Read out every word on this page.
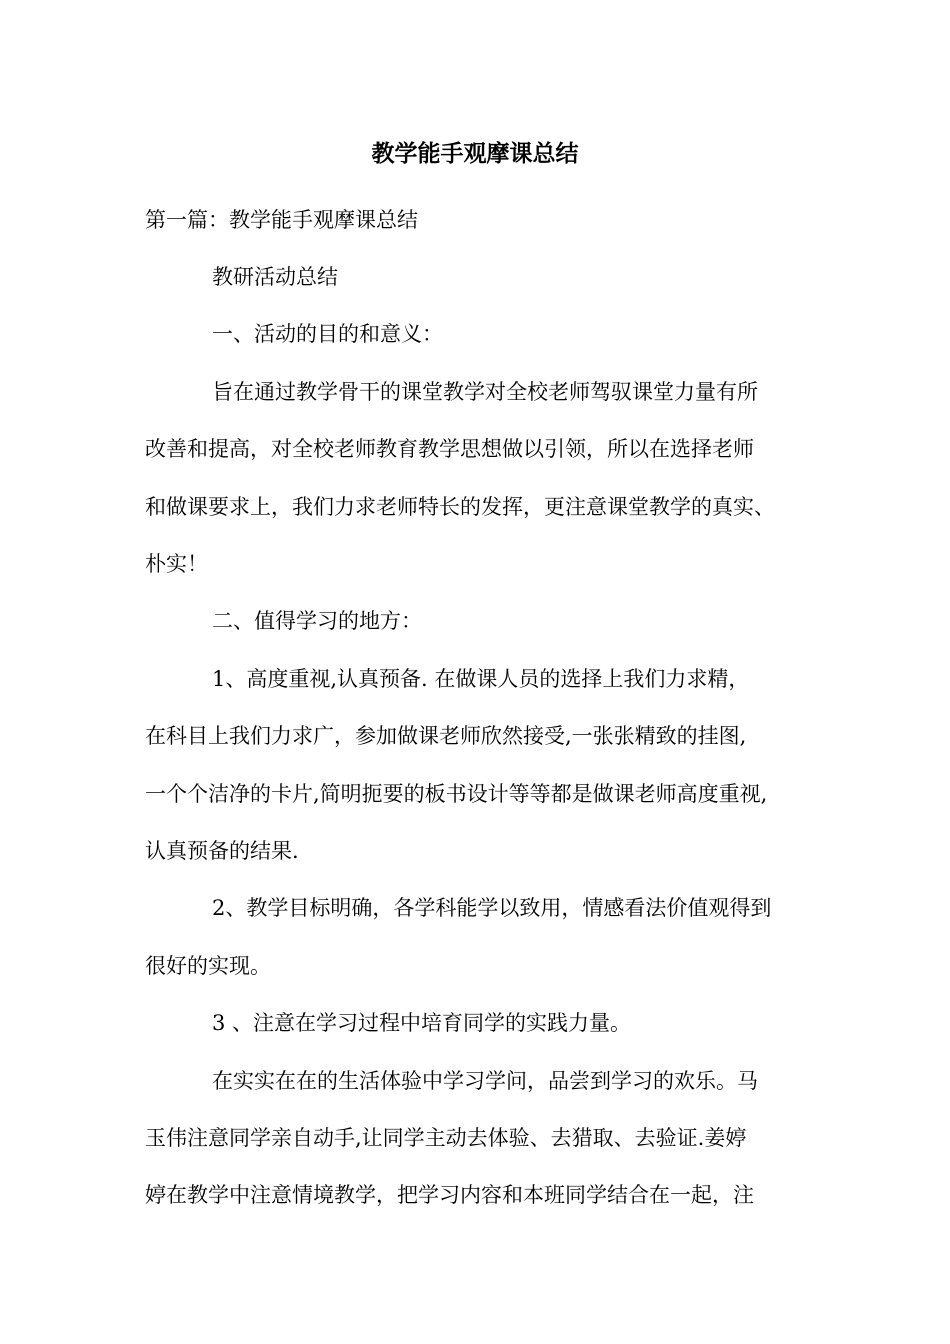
教学能手观摩课总结
第一篇：教学能手观摩课总结
教研活动总结
一、活动的目的和意义：
旨在通过教学骨干的课堂教学对全校老师驾驭课堂力量有所
改善和提高，对全校老师教育教学思想做以引领，所以在选择老师
和做课要求上，我们力求老师特长的发挥，更注意课堂教学的真实、
朴实！
二、值得学习的地方：
1、高度重视,认真预备. 在做课人员的选择上我们力求精，
在科目上我们力求广，参加做课老师欣然接受,一张张精致的挂图,
一个个洁净的卡片,简明扼要的板书设计等等都是做课老师高度重视,
认真预备的结果.
2、教学目标明确，各学科能学以致用，情感看法价值观得到
很好的实现。
3 、注意在学习过程中培育同学的实践力量。
在实实在在的生活体验中学习学问，品尝到学习的欢乐。马
玉伟注意同学亲自动手,让同学主动去体验、去猎取、去验证.姜婷
婷在教学中注意情境教学，把学习内容和本班同学结合在一起，注
